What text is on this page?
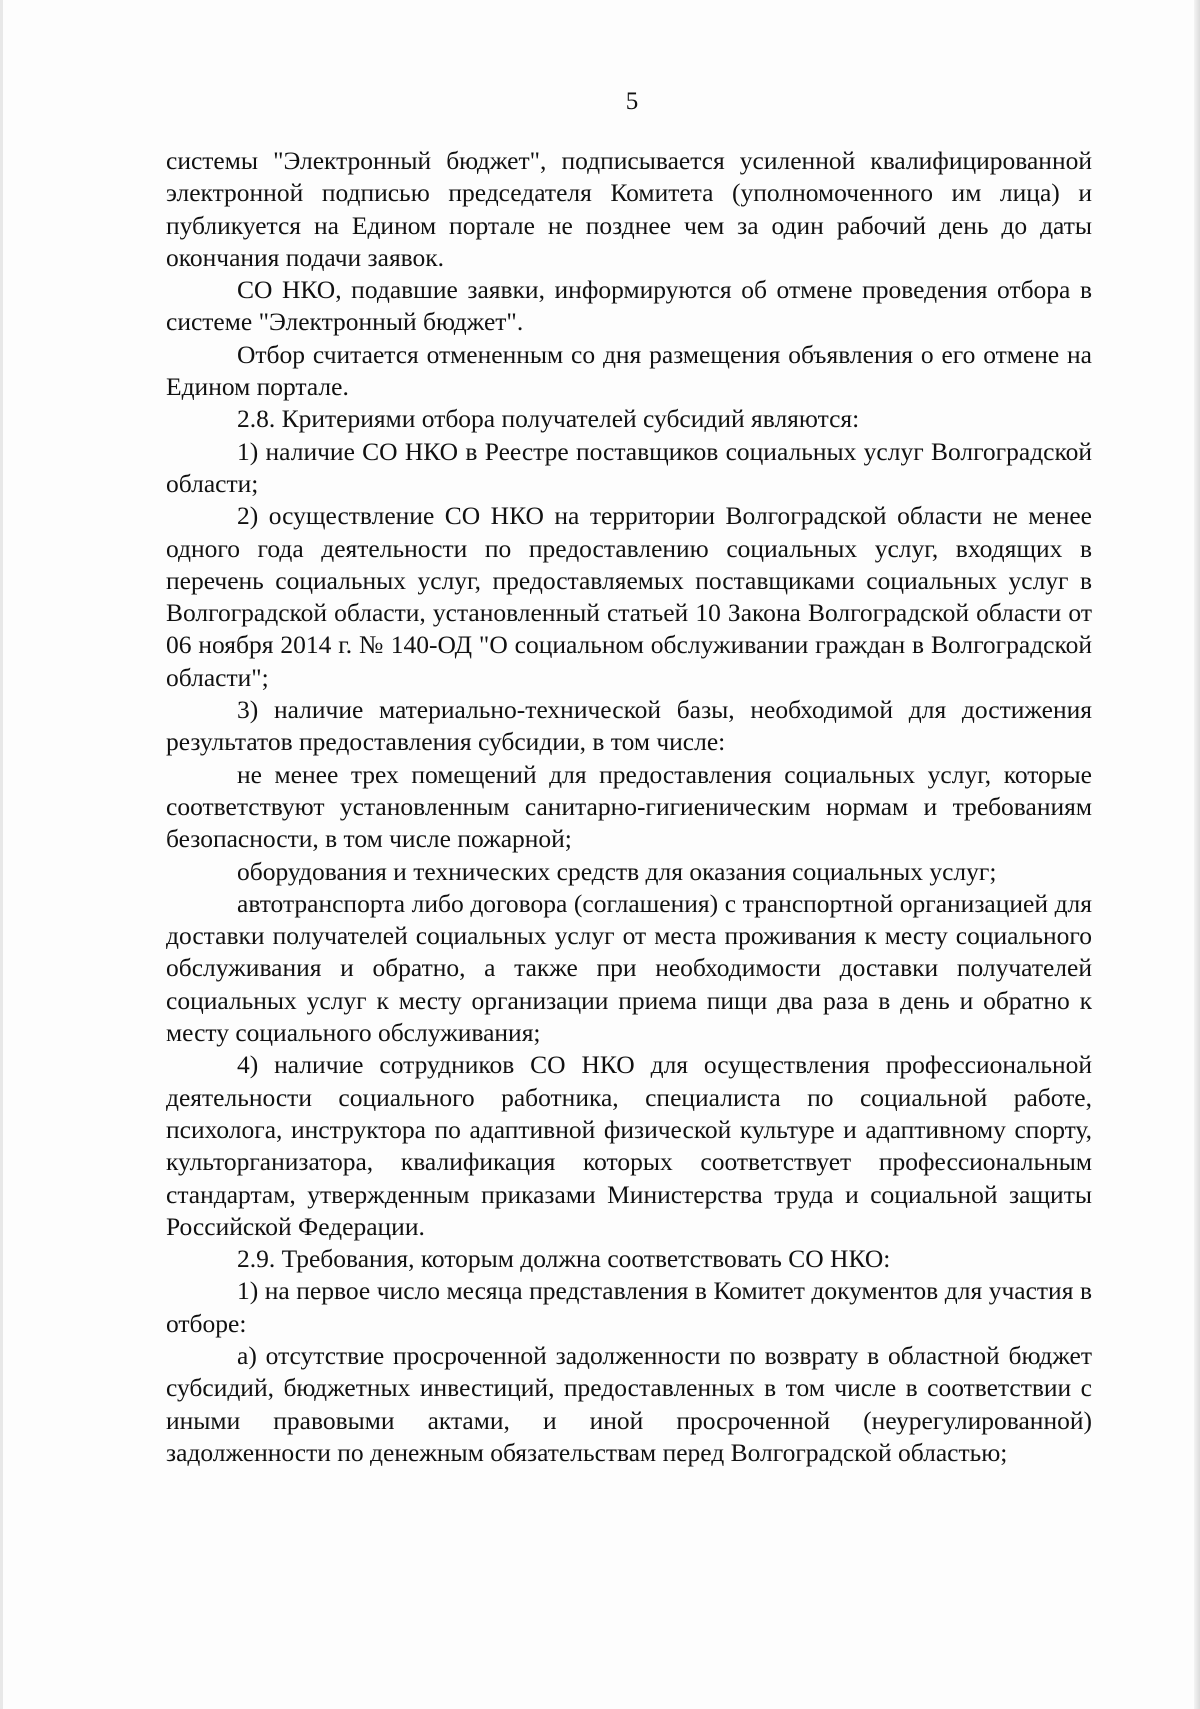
5

системы "Электронный бюджет", подписывается усиленной квалифицированной электронной подписью председателя Комитета (уполномоченного им лица) и публикуется на Едином портале не позднее чем за один рабочий день до даты окончания подачи заявок.

СО НКО, подавшие заявки, информируются об отмене проведения отбора в системе "Электронный бюджет".

Отбор считается отмененным со дня размещения объявления о его отмене на Едином портале.

2.8. Критериями отбора получателей субсидий являются:

1) наличие СО НКО в Реестре поставщиков социальных услуг Волгоградской области;

2) осуществление СО НКО на территории Волгоградской области не менее одного года деятельности по предоставлению социальных услуг, входящих в перечень социальных услуг, предоставляемых поставщиками социальных услуг в Волгоградской области, установленный статьей 10 Закона Волгоградской области от 06 ноября 2014 г. № 140-ОД "О социальном обслуживании граждан в Волгоградской области";

3) наличие материально-технической базы, необходимой для достижения результатов предоставления субсидии, в том числе:

не менее трех помещений для предоставления социальных услуг, которые соответствуют установленным санитарно-гигиеническим нормам и требованиям безопасности, в том числе пожарной;

оборудования и технических средств для оказания социальных услуг;

автотранспорта либо договора (соглашения) с транспортной организацией для доставки получателей социальных услуг от места проживания к месту социального обслуживания и обратно, а также при необходимости доставки получателей социальных услуг к месту организации приема пищи два раза в день и обратно к месту социального обслуживания;

4) наличие сотрудников СО НКО для осуществления профессиональной деятельности социального работника, специалиста по социальной работе, психолога, инструктора по адаптивной физической культуре и адаптивному спорту, культорганизатора, квалификация которых соответствует профессиональным стандартам, утвержденным приказами Министерства труда и социальной защиты Российской Федерации.

2.9. Требования, которым должна соответствовать СО НКО:

1) на первое число месяца представления в Комитет документов для участия в отборе:

а) отсутствие просроченной задолженности по возврату в областной бюджет субсидий, бюджетных инвестиций, предоставленных в том числе в соответствии с иными правовыми актами, и иной просроченной (неурегулированной) задолженности по денежным обязательствам перед Волгоградской областью;
